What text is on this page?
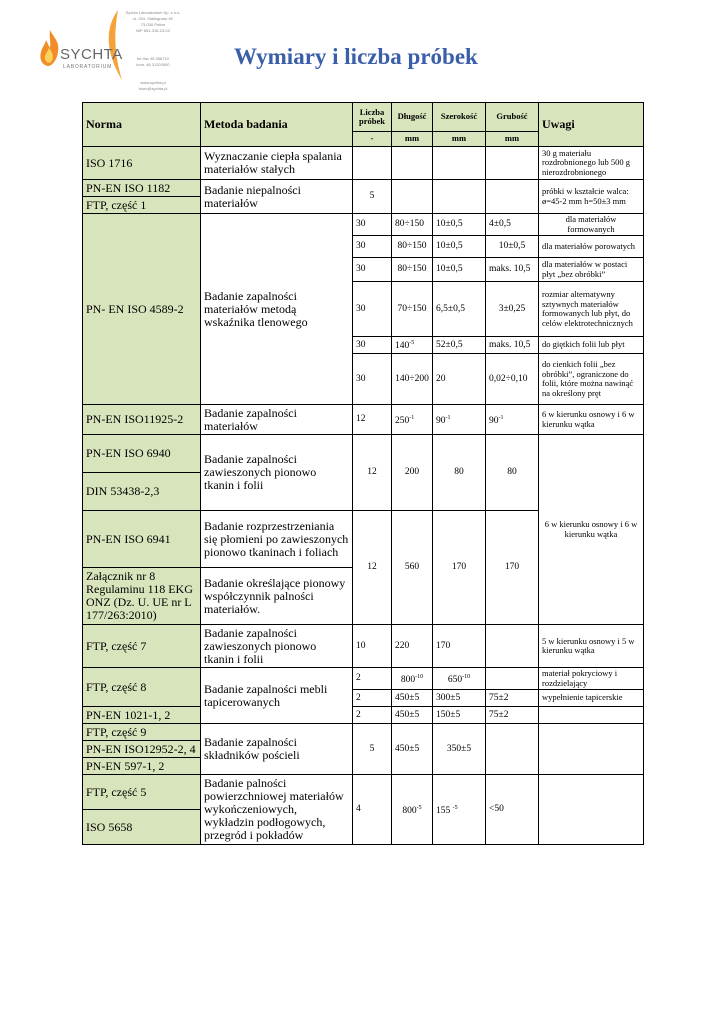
SYCHTA
LABORATORIUM
Sychta Laboratorium Sp. z o.o.
ul. Obr. Stalingradu 69
73-030 Police
NIP 851-315-23-02
tel./fax 48 358710
kom. 48 31203900
www.sychta.pl
biuro@sychta.pl
Wymiary i liczba próbek
Norma	Metoda badania	Liczba próbek	Długość	Szerokość	Grubość	Uwagi
		-	mm	mm	mm	
ISO 1716	Wyznaczanie ciepła spalania materiałów stałych					30 g materiału rozdrobnionego lub 500 g nierozdrobnionego
PN-EN ISO 1182	Badanie niepalności materiałów	5				próbki w kształcie walca: ø=45-2 mm h=50±3 mm
FTP, część 1						
PN- EN ISO 4589-2	Badanie zapalności materiałów metodą wskaźnika tlenowego	30	80÷150	10±0,5	4±0,5	dla materiałów formowanych
		30	80÷150	10±0,5	10±0,5	dla materiałów porowatych
		30	80÷150	10±0,5	maks. 10,5	dla materiałów w postaci płyt „bez obróbki”
		30	70÷150	6,5±0,5	3±0,25	rozmiar alternatywny sztywnych materiałów formowanych lub płyt, do celów elektrotechnicznych
		30	$140^{-5}$	52±0,5	maks. 10,5	do giętkich folii lub płyt
		30	140÷200	20	0,02÷0,10	do cienkich folii „bez obróbki”, ograniczone do folii, które można nawinąć na określony pręt
PN-EN ISO11925-2	Badanie zapalności materiałów	12	$250^{-1}$	$90^{-1}$	$90^{-1}$	6 w kierunku osnowy i 6 w kierunku wątka
PN-EN ISO 6940	Badanie zapalności zawieszonych pionowo tkanin i folii	12	200	80	80	6 w kierunku osnowy i 6 w kierunku wątka
DIN 53438-2,3						
PN-EN ISO 6941	Badanie rozprzestrzeniania się płomieni po zawieszonych pionowo tkaninach i foliach	12	560	170	170	
Załącznik nr 8 Regulaminu 118 EKG ONZ (Dz. U. UE nr L 177/263:2010)	Badanie określające pionowy współczynnik palności materiałów.					
FTP, część 7	Badanie zapalności zawieszonych pionowo tkanin i folii	10	220	170		5 w kierunku osnowy i 5 w kierunku wątka
FTP, część 8	Badanie zapalności mebli tapicerowanych	2	$800^{-10}$	$650^{-10}$		materiał pokryciowy i rozdzielający
		2	450±5	300±5	75±2	wypełnienie tapicerskie
PN-EN 1021-1, 2		2	450±5	150±5	75±2	
FTP, część 9	Badanie zapalności składników pościeli	5	450±5	350±5		
PN-EN ISO12952-2, 4						
PN-EN 597-1, 2						
FTP, część 5	Badanie palności powierzchniowej materiałów wykończeniowych, wykładzin podłogowych, przegród i pokładów	4	$800^{-5}$	155 $^{-5}$	<50	
ISO 5658						
